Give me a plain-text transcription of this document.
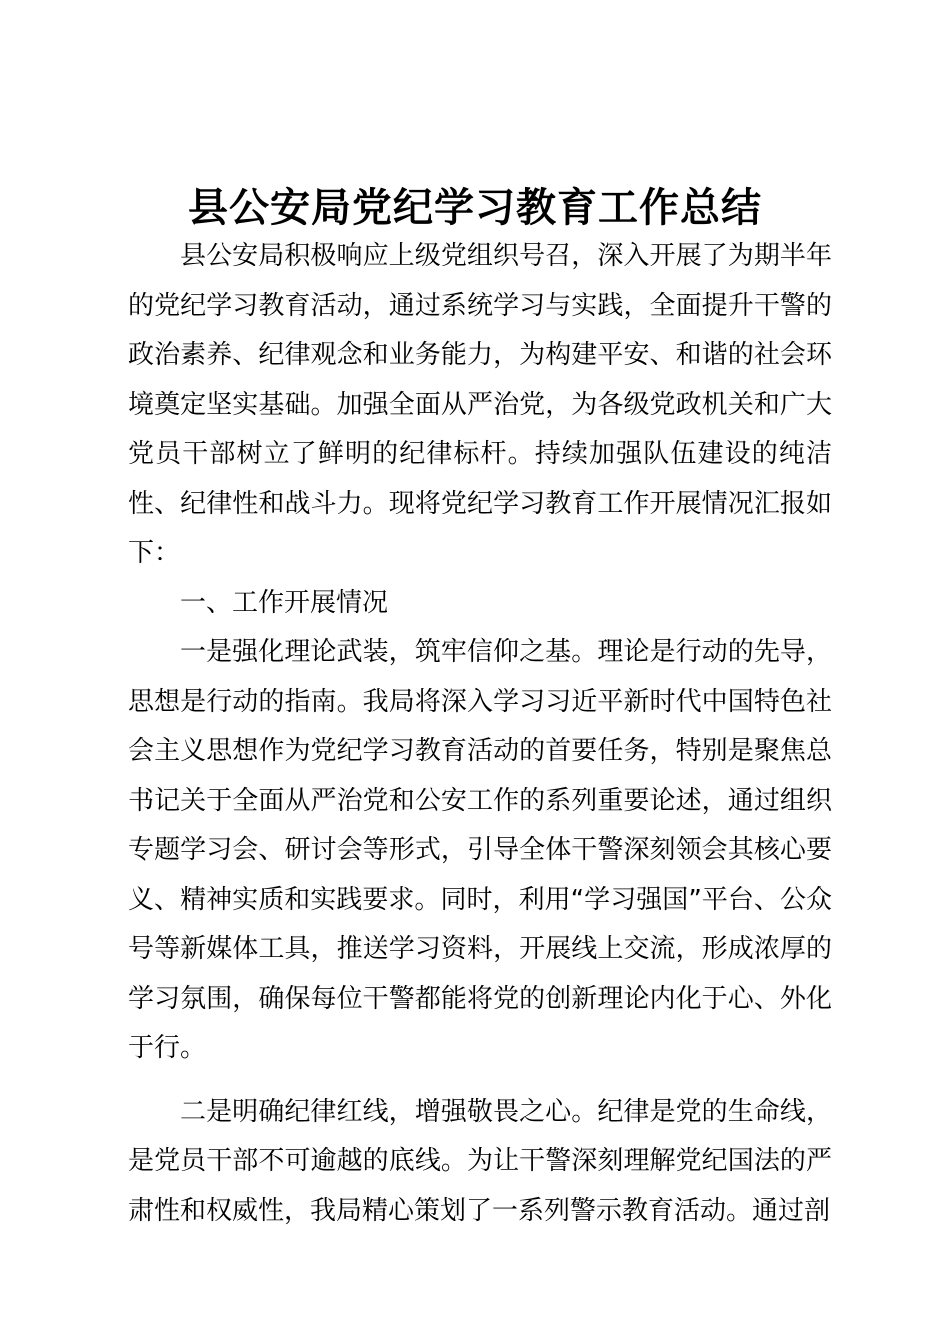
县公安局党纪学习教育工作总结

县公安局积极响应上级党组织号召，深入开展了为期半年的党纪学习教育活动，通过系统学习与实践，全面提升干警的政治素养、纪律观念和业务能力，为构建平安、和谐的社会环境奠定坚实基础。加强全面从严治党，为各级党政机关和广大党员干部树立了鲜明的纪律标杆。持续加强队伍建设的纯洁性、纪律性和战斗力。现将党纪学习教育工作开展情况汇报如下：

一、工作开展情况

一是强化理论武装，筑牢信仰之基。理论是行动的先导，思想是行动的指南。我局将深入学习习近平新时代中国特色社会主义思想作为党纪学习教育活动的首要任务，特别是聚焦总书记关于全面从严治党和公安工作的系列重要论述，通过组织专题学习会、研讨会等形式，引导全体干警深刻领会其核心要义、精神实质和实践要求。同时，利用“学习强国”平台、公众号等新媒体工具，推送学习资料，开展线上交流，形成浓厚的学习氛围，确保每位干警都能将党的创新理论内化于心、外化于行。

二是明确纪律红线，增强敬畏之心。纪律是党的生命线，是党员干部不可逾越的底线。为让干警深刻理解党纪国法的严肃性和权威性，我局精心策划了一系列警示教育活动。通过剖
